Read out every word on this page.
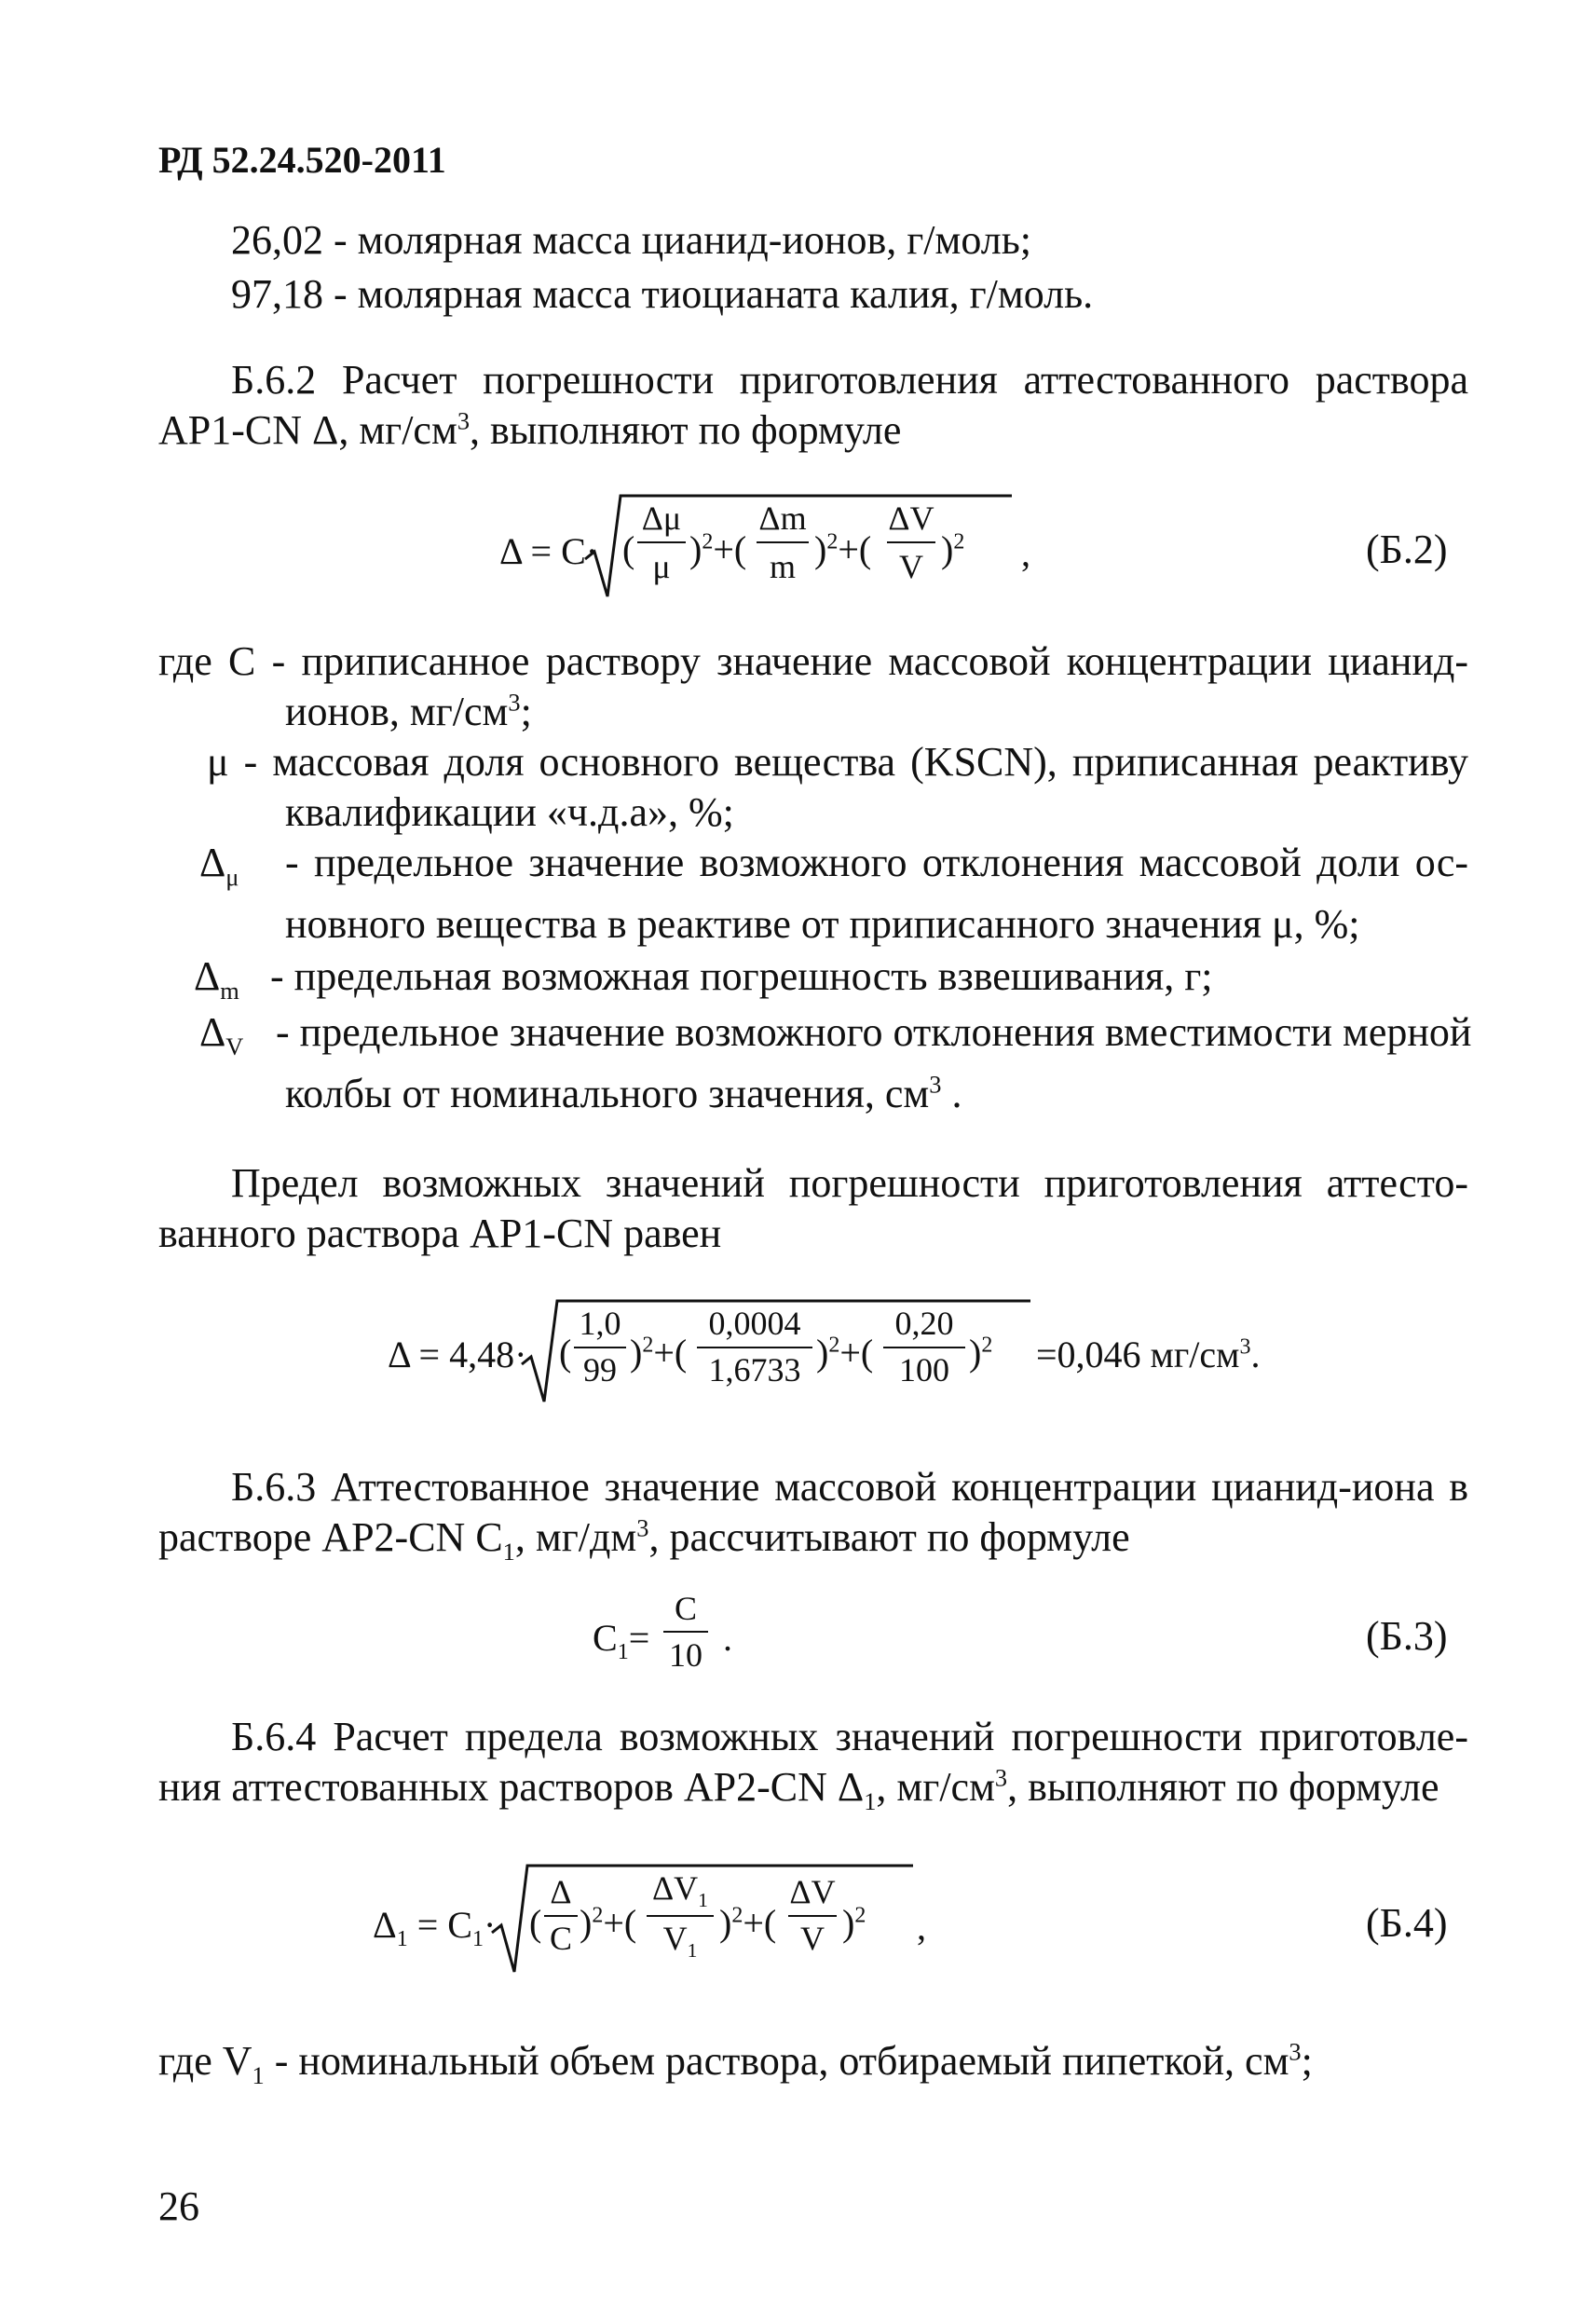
РД 52.24.520-2011
26,02 - молярная масса цианид-ионов, г/моль;
97,18 - молярная масса тиоцианата калия, г/моль.
Б.6.2 Расчет погрешности приготовления аттестованного раствора
АР1-CN Δ, $мг/см^3$, выполняют по формуле
Δ = C· (
Δμ
μ )$^2$+(
Δm
m )$^2$+(
ΔV
V )$^2$ ,	(Б.2)
где С - приписанное раствору значение массовой концентрации цианид-
ионов, $мг/см^3$;
μ - массовая доля основного вещества (KSCN), приписанная реактиву
квалификации «ч.д.а», %;
$\Delta_\mu$ - предельное значение возможного отклонения массовой доли ос-
новного вещества в реактиве от приписанного значения μ, %;
$\Delta_m$ - предельная возможная погрешность взвешивания, г;
$\Delta_V$ - предельное значение возможного отклонения вместимости мерной
колбы от номинального значения, $см^3$ .
Предел возможных значений погрешности приготовления аттесто-
ванного раствора АР1-CN равен
Δ = 4,48· (
1,0
99 )$^2$+(
0,0004
1,6733 )$^2$+(
0,20
100 )$^2$ =0,046 $мг/см^3$.
Б.6.3 Аттестованное значение массовой концентрации цианид-иона в
растворе АР2-CN $C_1$, $мг/дм^3$, рассчитывают по формуле
$C_1=$
C
10 .	(Б.3)
Б.6.4 Расчет предела возможных значений погрешности приготовле-
ния аттестованных растворов АР2-CN $\Delta_1$, $мг/см^3$, выполняют по формуле
$\Delta_1 = C_1\cdot$ (
Δ
C )$^2$+(
$\Delta V_1$
$V_1$
)$^2$+(
ΔV
V )$^2$ ,	(Б.4)
где $V_1$ - номинальный объем раствора, отбираемый пипеткой, $см^3$;
26
